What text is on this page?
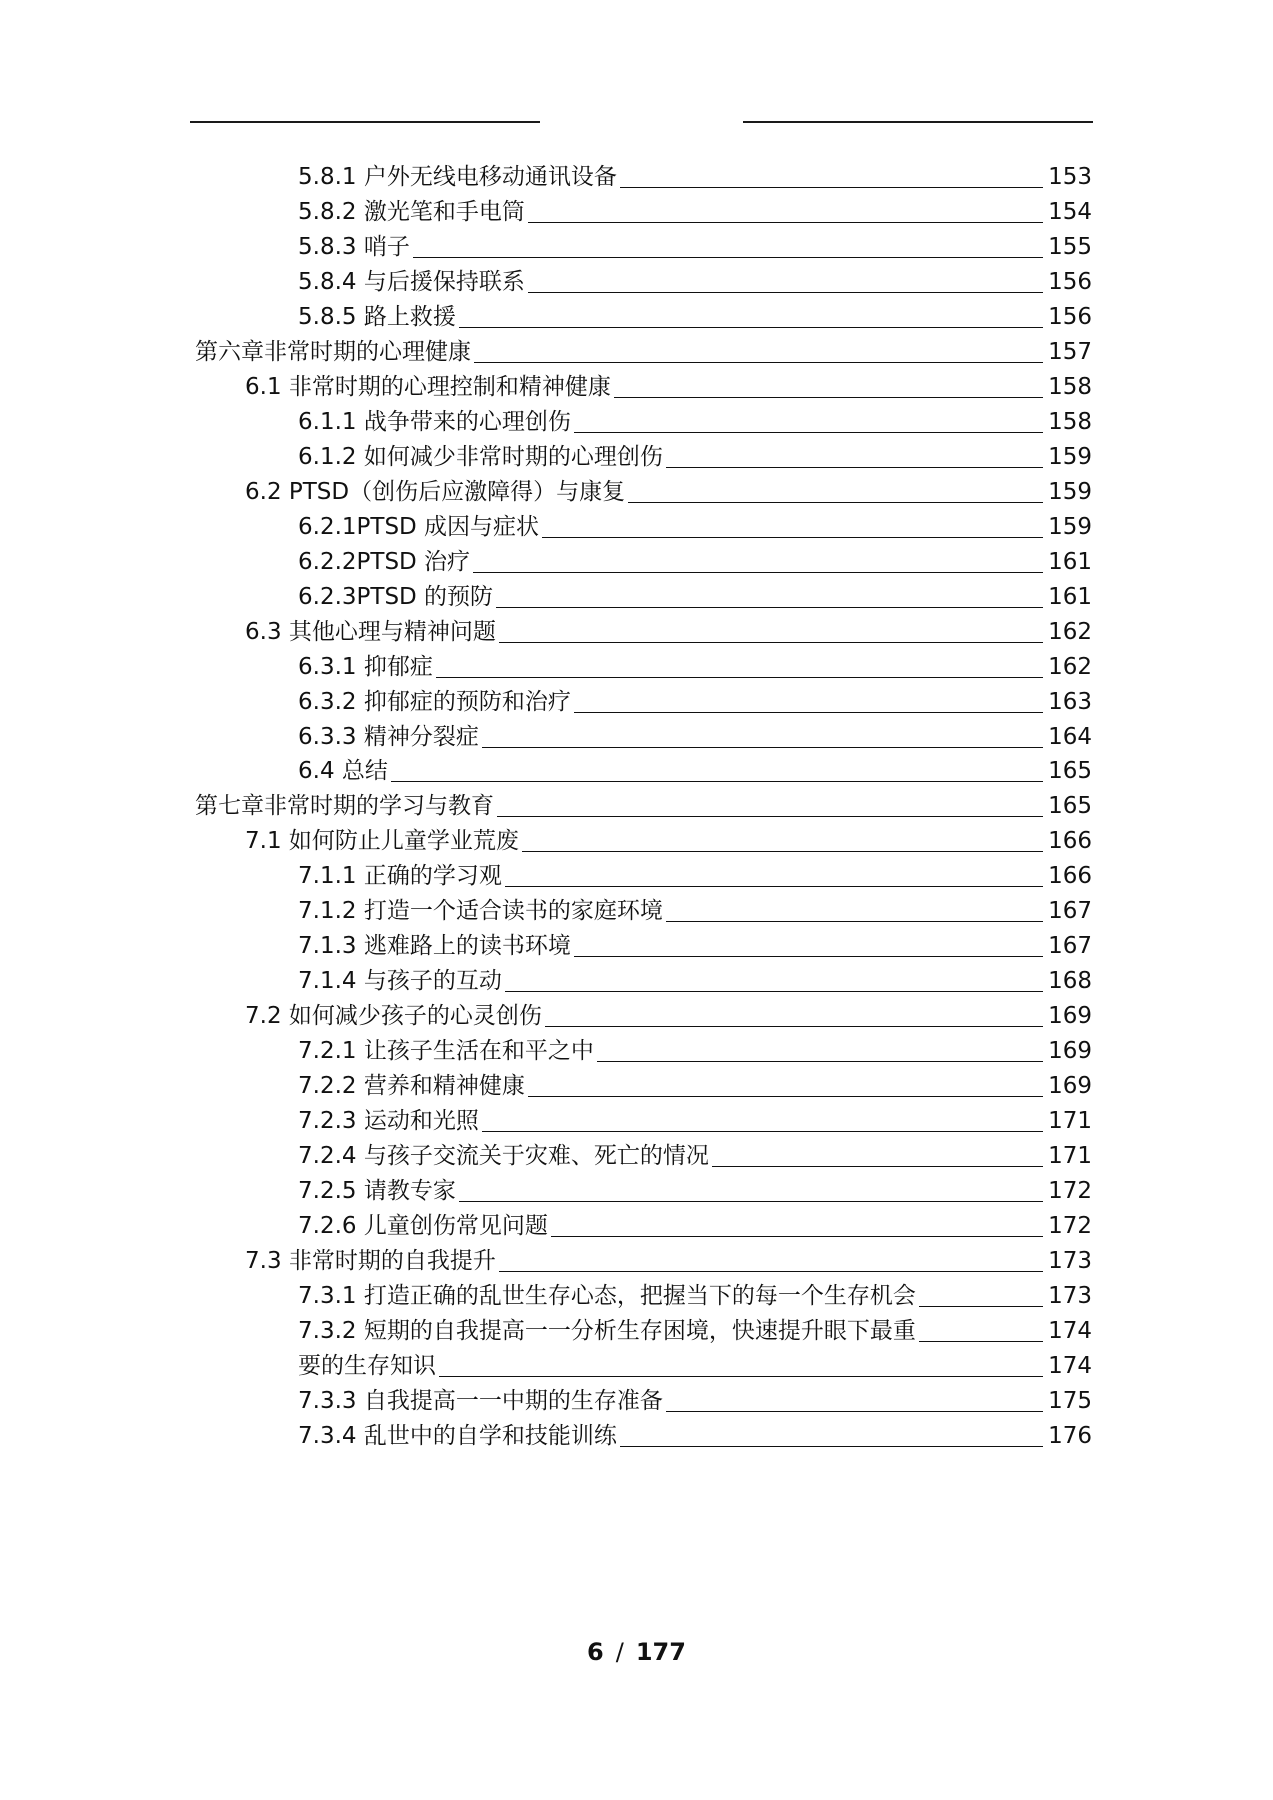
5.8.1 户外无线电移动通讯设备	153
5.8.2 激光笔和手电筒	154
5.8.3 哨子	155
5.8.4 与后援保持联系	156
5.8.5 路上救援	156
第六章非常时期的心理健康	157
6.1 非常时期的心理控制和精神健康	158
6.1.1 战争带来的心理创伤	158
6.1.2 如何减少非常时期的心理创伤	159
6.2 PTSD（创伤后应激障得）与康复	159
6.2.1PTSD 成因与症状	159
6.2.2PTSD 治疗	161
6.2.3PTSD 的预防	161
6.3 其他心理与精神问题	162
6.3.1 抑郁症	162
6.3.2 抑郁症的预防和治疗	163
6.3.3 精神分裂症	164
6.4 总结	165
第七章非常时期的学习与教育	165
7.1 如何防止儿童学业荒废	166
7.1.1 正确的学习观	166
7.1.2 打造一个适合读书的家庭环境	167
7.1.3 逃难路上的读书环境	167
7.1.4 与孩子的互动	168
7.2 如何减少孩子的心灵创伤	169
7.2.1 让孩子生活在和平之中	169
7.2.2 营养和精神健康	169
7.2.3 运动和光照	171
7.2.4 与孩子交流关于灾难、死亡的情况	171
7.2.5 请教专家	172
7.2.6 儿童创伤常见问题	172
7.3 非常时期的自我提升	173
7.3.1 打造正确的乱世生存心态，把握当下的每一个生存机会	173
7.3.2 短期的自我提高一一分析生存困境，快速提升眼下最重	174
要的生存知识	174
7.3.3 自我提高一一中期的生存准备	175
7.3.4 乱世中的自学和技能训练	176
6 / 177
